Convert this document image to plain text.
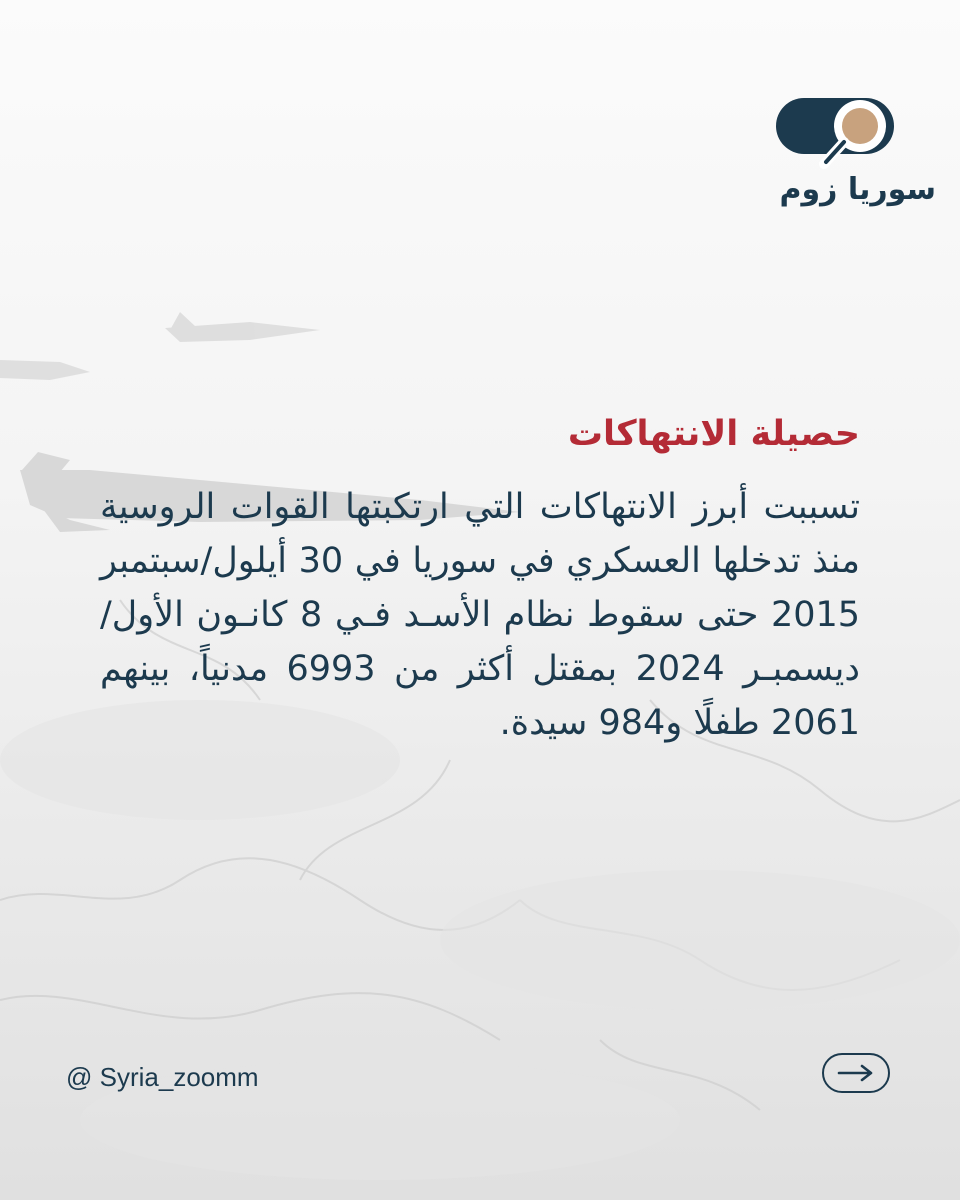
سوريا زوم
حصيلة الانتهاكات
تسببت أبرز الانتهاكات التي ارتكبتها القوات الروسية منذ تدخلها العسكري في سوريا في 30 أيلول/سبتمبر 2015 حتى سقوط نظام الأسـد فـي 8 كانـون الأول/ديسمبـر 2024 بمقتل أكثر من 6993 مدنياً، بينهم 2061 طفلًا و984 سيدة.
@ Syria_zoomm
